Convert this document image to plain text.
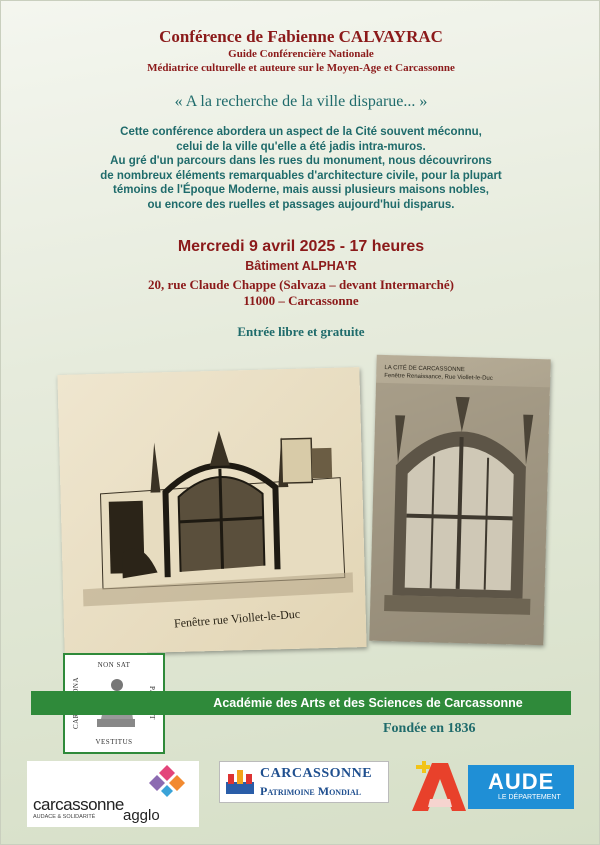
Conférence de Fabienne CALVAYRAC
Guide Conférencière Nationale
Médiatrice culturelle et auteure sur le Moyen-Age et Carcassonne
« A la recherche de la ville disparue... »
Cette conférence abordera un aspect de la Cité souvent méconnu,
celui de la ville qu'elle a été jadis intra-muros.
Au gré d'un parcours dans les rues du monument, nous découvrirons
de nombreux éléments remarquables d'architecture civile, pour la plupart
témoins de l'Époque Moderne, mais aussi plusieurs maisons nobles,
ou encore des ruelles et passages aujourd'hui disparus.
Mercredi 9 avril 2025 - 17 heures
Bâtiment ALPHA'R
20, rue Claude Chappe (Salvaza – devant Intermarché)
11000 – Carcassonne
Entrée libre et gratuite
Fenêtre rue Viollet-le-Duc
LA CITÉ DE CARCASSONNE
Fenêtre Renaissance, Rue Viollet-le-Duc
NON SAT
VESTITUS
Académie des Arts et des Sciences de Carcassonne
Fondée en 1836
carcassonne
agglo
AUDACE & SOLIDARITÉ
CARCASSONNE
Patrimoine Mondial	AUDE
LE DÉPARTEMENT
